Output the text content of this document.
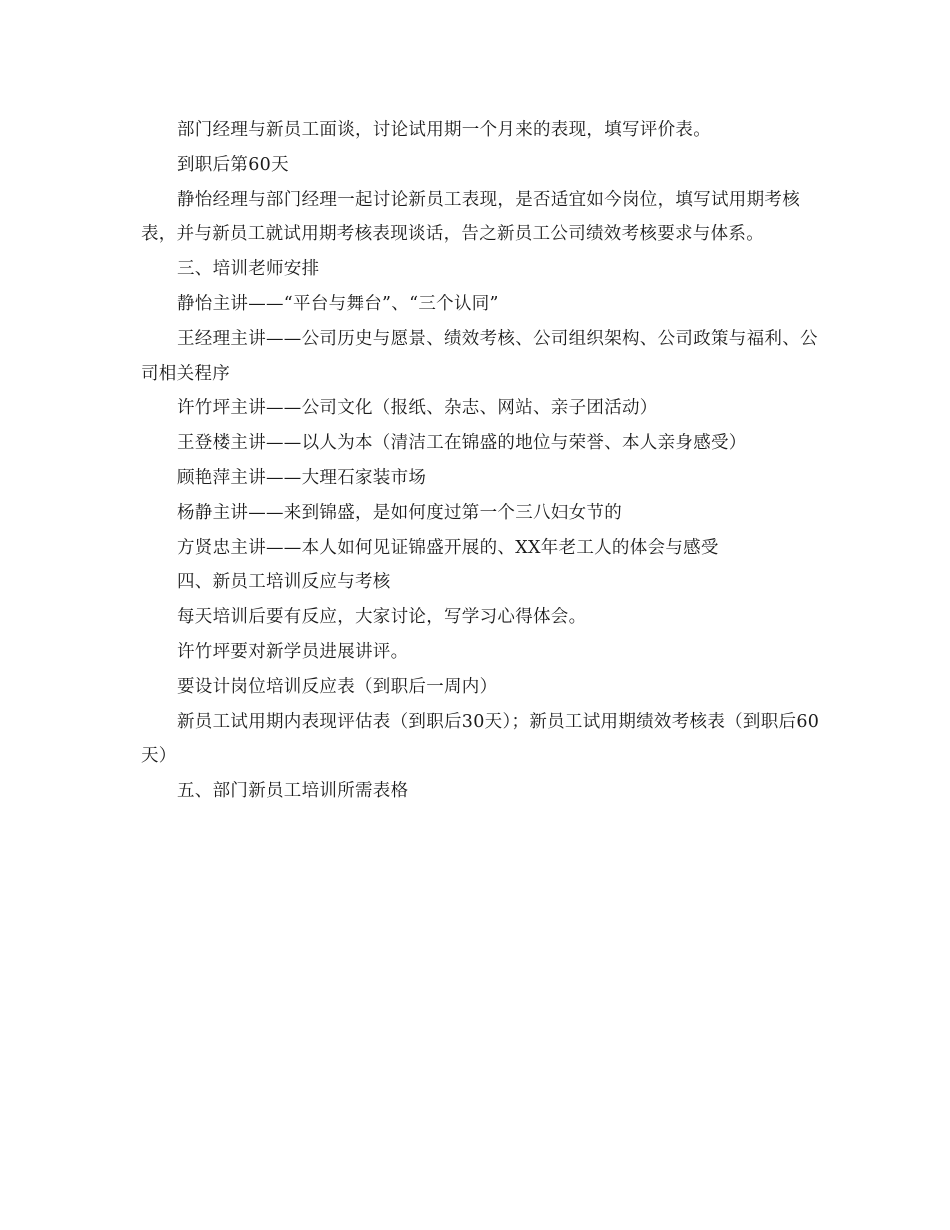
部门经理与新员工面谈，讨论试用期一个月来的表现，填写评价表。

到职后第60天

静怡经理与部门经理一起讨论新员工表现，是否适宜如今岗位，填写试用期考核表，并与新员工就试用期考核表现谈话，告之新员工公司绩效考核要求与体系。

三、培训老师安排

静怡主讲——“平台与舞台”、“三个认同”

王经理主讲——公司历史与愿景、绩效考核、公司组织架构、公司政策与福利、公司相关程序

许竹坪主讲——公司文化（报纸、杂志、网站、亲子团活动）

王登楼主讲——以人为本（清洁工在锦盛的地位与荣誉、本人亲身感受）

顾艳萍主讲——大理石家装市场

杨静主讲——来到锦盛，是如何度过第一个三八妇女节的

方贤忠主讲——本人如何见证锦盛开展的、XX年老工人的体会与感受

四、新员工培训反应与考核

每天培训后要有反应，大家讨论，写学习心得体会。

许竹坪要对新学员进展讲评。

要设计岗位培训反应表（到职后一周内）

新员工试用期内表现评估表（到职后30天）；新员工试用期绩效考核表（到职后60天）

五、部门新员工培训所需表格
